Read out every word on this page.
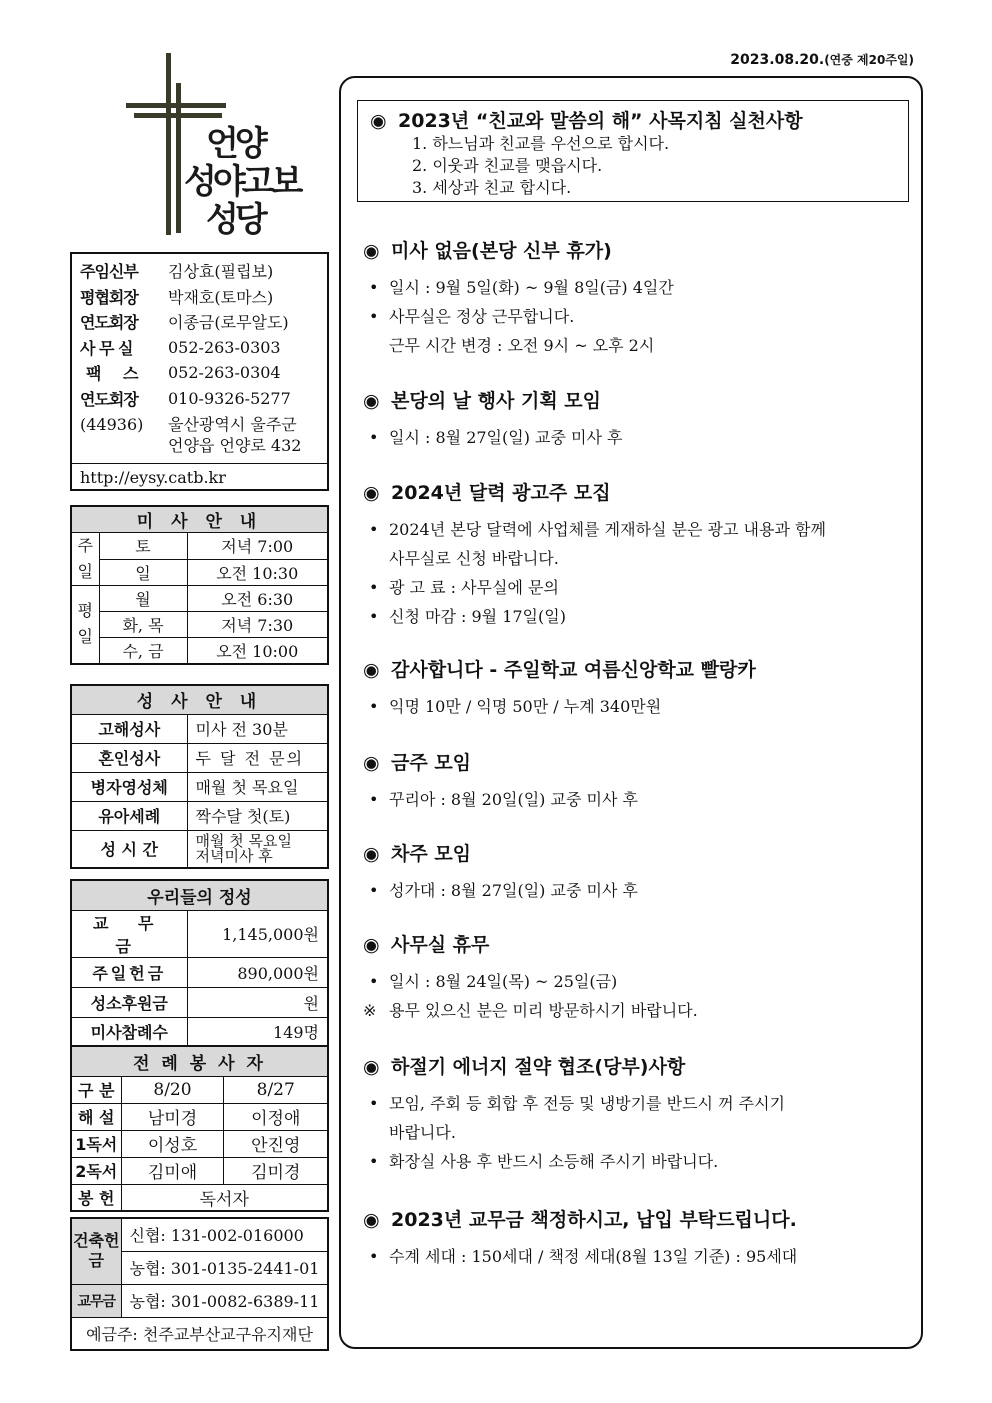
2023.08.20.(연중 제20주일)
언양
성야고보
성당
주임신부	김상효(필립보)
평협회장	박재호(토마스)
연도회장	이종금(로무알도)
사 무 실	052-263-0303
팩 스	052-263-0304
연도회장	010-9326-5277
(44936)	울산광역시 울주군
언양읍 언양로 432
http://eysy.catb.kr
미 사 안 내		
주일	토	저녁 7:00
	일	오전 10:30
평일	월	오전 6:30
	화, 목	저녁 7:30
	수, 금	오전 10:00
성 사 안 내	
고해성사	미사 전 30분
혼인성사	두 달 전 문의
병자영성체	매월 첫 목요일
유아세례	짝수달 첫(토)
성 시 간	매월 첫 목요일
저녁미사 후
우리들의 정성	
교 무 금	1,145,000원
주일헌금	890,000원
성소후원금	원
미사참례수	149명
전 례 봉 사 자		
구 분	8/20	8/27
해 설	남미경	이정애
1독서	이성호	안진영
2독서	김미애	김미경
봉 헌	독서자	
건축헌금	신협: 131-002-016000
	농협: 301-0135-2441-01
교무금	농협: 301-0082-6389-11
예금주: 천주교부산교구유지재단	
◉ 2023년 “친교와 말씀의 해” 사목지침 실천사항
1. 하느님과 친교를 우선으로 합시다.
2. 이웃과 친교를 맺읍시다.
3. 세상과 친교 합시다.
◉ 미사 없음(본당 신부 휴가)
• 일시 : 9월 5일(화) ~ 9월 8일(금) 4일간
• 사무실은 정상 근무합니다.
근무 시간 변경 : 오전 9시 ~ 오후 2시
◉ 본당의 날 행사 기획 모임
• 일시 : 8월 27일(일) 교중 미사 후
◉ 2024년 달력 광고주 모집
• 2024년 본당 달력에 사업체를 게재하실 분은 광고 내용과 함께
사무실로 신청 바랍니다.
• 광 고 료 : 사무실에 문의
• 신청 마감 : 9월 17일(일)
◉ 감사합니다 - 주일학교 여름신앙학교 빨랑카
• 익명 10만 / 익명 50만 / 누계 340만원
◉ 금주 모임
• 꾸리아 : 8월 20일(일) 교중 미사 후
◉ 차주 모임
• 성가대 : 8월 27일(일) 교중 미사 후
◉ 사무실 휴무
• 일시 : 8월 24일(목) ~ 25일(금)
※ 용무 있으신 분은 미리 방문하시기 바랍니다.
◉ 하절기 에너지 절약 협조(당부)사항
• 모임, 주회 등 회합 후 전등 및 냉방기를 반드시 꺼 주시기
바랍니다.
• 화장실 사용 후 반드시 소등해 주시기 바랍니다.
◉ 2023년 교무금 책정하시고, 납입 부탁드립니다.
• 수계 세대 : 150세대 / 책정 세대(8월 13일 기준) : 95세대
